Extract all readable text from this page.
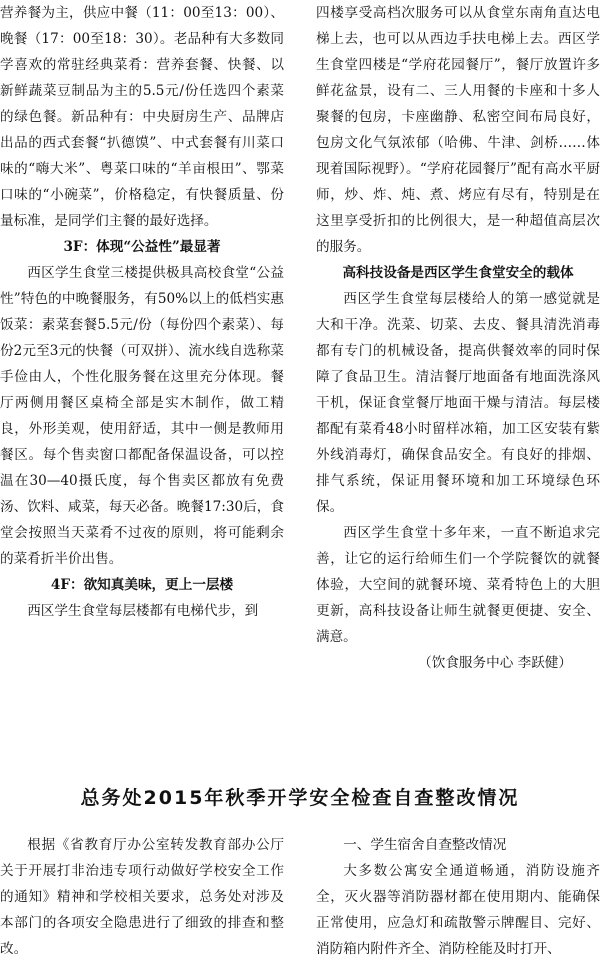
营养餐为主，供应中餐（11：00至13：00）、晚餐（17：00至18：30）。老品种有大多数同学喜欢的常驻经典菜肴：营养套餐、快餐、以新鲜蔬菜豆制品为主的5.5元/份任选四个素菜的绿色餐。新品种有：中央厨房生产、品牌店出品的西式套餐“扒德馍”、中式套餐有川菜口味的“嗨大米”、粤菜口味的“羊亩根田”、鄂菜口味的“小碗菜”，价格稳定，有快餐质量、份量标准，是同学们主餐的最好选择。

3F：体现“公益性”最显著

西区学生食堂三楼提供极具高校食堂“公益性”特色的中晚餐服务，有50%以上的低档实惠饭菜：素菜套餐5.5元/份（每份四个素菜）、每份2元至3元的快餐（可双拼）、流水线自选称菜手俭由人，个性化服务餐在这里充分体现。餐厅两侧用餐区桌椅全部是实木制作，做工精良，外形美观，使用舒适，其中一侧是教师用餐区。每个售卖窗口都配备保温设备，可以控温在30—40摄氏度，每个售卖区都放有免费汤、饮料、咸菜，每天必备。晚餐17:30后，食堂会按照当天菜肴不过夜的原则，将可能剩余的菜肴折半价出售。

4F：欲知真美味，更上一层楼

西区学生食堂每层楼都有电梯代步，到

四楼享受高档次服务可以从食堂东南角直达电梯上去，也可以从西边手扶电梯上去。西区学生食堂四楼是“学府花园餐厅”，餐厅放置许多鲜花盆景，设有二、三人用餐的卡座和十多人聚餐的包房，卡座幽静、私密空间布局良好，包房文化气氛浓郁（哈佛、牛津、剑桥……体现着国际视野）。“学府花园餐厅”配有高水平厨师，炒、炸、炖、煮、烤应有尽有，特别是在这里享受折扣的比例很大，是一种超值高层次的服务。

高科技设备是西区学生食堂安全的载体

西区学生食堂每层楼给人的第一感觉就是大和干净。洗菜、切菜、去皮、餐具清洗消毒都有专门的机械设备，提高供餐效率的同时保障了食品卫生。清洁餐厅地面备有地面洗涤风干机，保证食堂餐厅地面干燥与清洁。每层楼都配有菜肴48小时留样冰箱，加工区安装有紫外线消毒灯，确保食品安全。有良好的排烟、排气系统，保证用餐环境和加工环境绿色环保。

西区学生食堂十多年来，一直不断追求完善，让它的运行给师生们一个学院餐饮的就餐体验，大空间的就餐环境、菜肴特色上的大胆更新，高科技设备让师生就餐更便捷、安全、满意。

（饮食服务中心 李跃健）

总务处2015年秋季开学安全检查自查整改情况

根据《省教育厅办公室转发教育部办公厅关于开展打非治违专项行动做好学校安全工作的通知》精神和学校相关要求，总务处对涉及本部门的各项安全隐患进行了细致的排查和整改。

一、学生宿舍自查整改情况

大多数公寓安全通道畅通，消防设施齐全，灭火器等消防器材都在使用期内、能确保正常使用，应急灯和疏散警示牌醒目、完好、消防箱内附件齐全、消防栓能及时打开、
